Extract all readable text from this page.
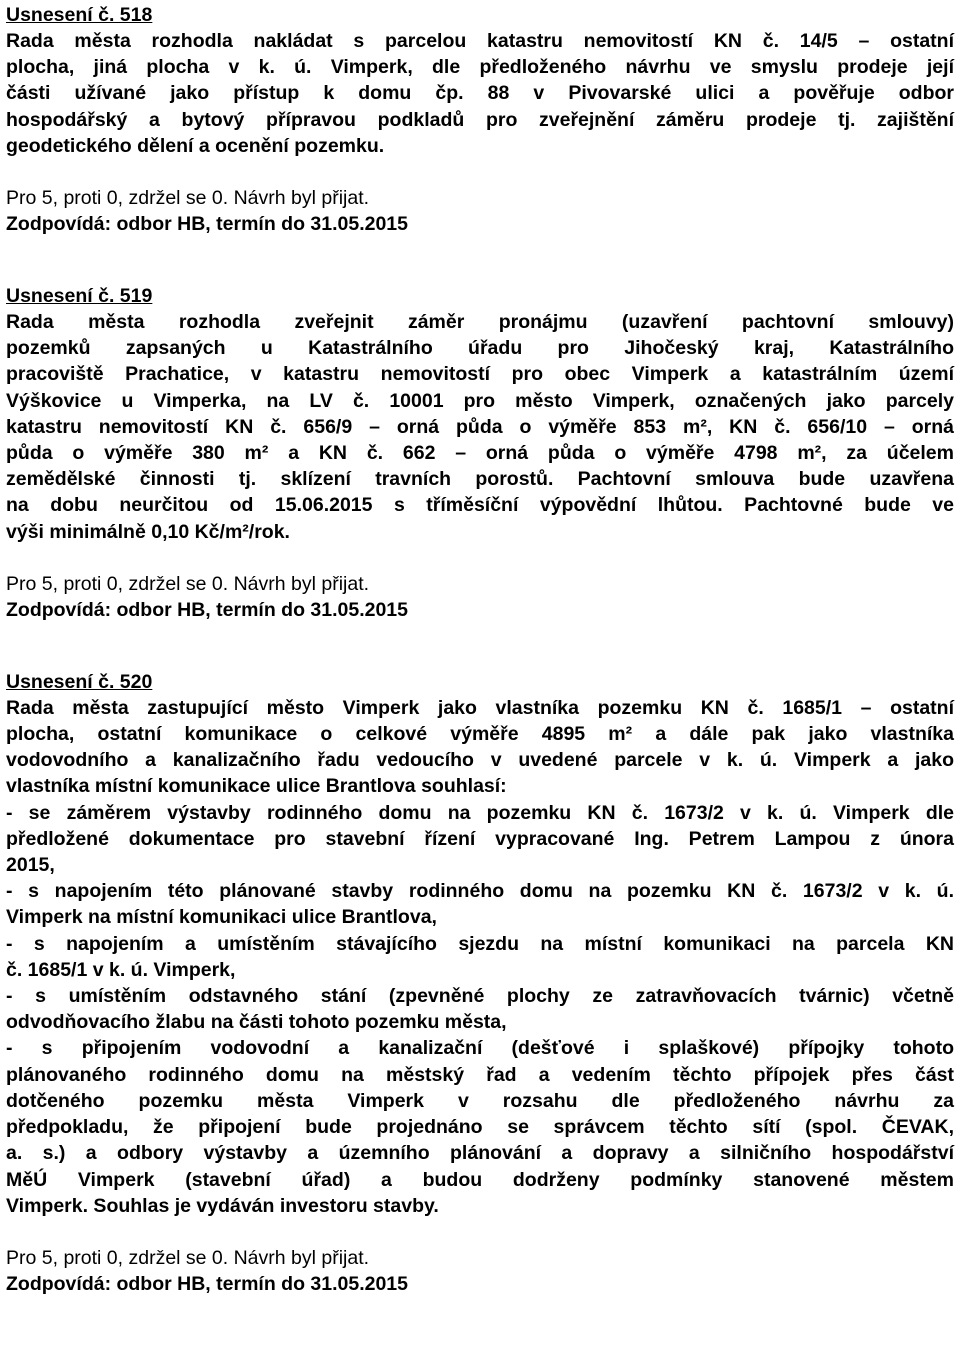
Usnesení č. 518

Rada města rozhodla nakládat s parcelou katastru nemovitostí KN č. 14/5 – ostatní
plocha, jiná plocha v k. ú. Vimperk, dle předloženého návrhu ve smyslu prodeje její
části užívané jako přístup k domu čp. 88 v Pivovarské ulici a pověřuje odbor
hospodářský a bytový přípravou podkladů pro zveřejnění záměru prodeje tj. zajištění
geodetického dělení a ocenění pozemku.

Pro 5, proti 0, zdržel se 0. Návrh byl přijat.

Zodpovídá: odbor HB, termín do 31.05.2015

Usnesení č. 519

Rada města rozhodla zveřejnit záměr pronájmu (uzavření pachtovní smlouvy)
pozemků zapsaných u Katastrálního úřadu pro Jihočeský kraj, Katastrálního
pracoviště Prachatice, v katastru nemovitostí pro obec Vimperk a katastrálním území
Výškovice u Vimperka, na LV č. 10001 pro město Vimperk, označených jako parcely
katastru nemovitostí KN č. 656/9 – orná půda o výměře 853 m², KN č. 656/10 – orná
půda o výměře 380 m² a KN č. 662 – orná půda o výměře 4798 m², za účelem
zemědělské činnosti tj. sklízení travních porostů. Pachtovní smlouva bude uzavřena
na dobu neurčitou od 15.06.2015 s tříměsíční výpovědní lhůtou. Pachtovné bude ve
výši minimálně 0,10 Kč/m²/rok.

Pro 5, proti 0, zdržel se 0. Návrh byl přijat.

Zodpovídá: odbor HB, termín do 31.05.2015

Usnesení č. 520

Rada města zastupující město Vimperk jako vlastníka pozemku KN č. 1685/1 – ostatní
plocha, ostatní komunikace o celkové výměře 4895 m² a dále pak jako vlastníka
vodovodního a kanalizačního řadu vedoucího v uvedené parcele v k. ú. Vimperk a jako
vlastníka místní komunikace ulice Brantlova souhlasí:
- se záměrem výstavby rodinného domu na pozemku KN č. 1673/2 v k. ú. Vimperk dle
předložené dokumentace pro stavební řízení vypracované Ing. Petrem Lampou z února
2015,
- s napojením této plánované stavby rodinného domu na pozemku KN č. 1673/2 v k. ú.
Vimperk na místní komunikaci ulice Brantlova,
- s napojením a umístěním stávajícího sjezdu na místní komunikaci na parcela KN
č. 1685/1 v k. ú. Vimperk,
- s umístěním odstavného stání (zpevněné plochy ze zatravňovacích tvárnic) včetně
odvodňovacího žlabu na části tohoto pozemku města,
- s připojením vodovodní a kanalizační (dešťové i splaškové) přípojky tohoto
plánovaného rodinného domu na městský řad a vedením těchto přípojek přes část
dotčeného pozemku města Vimperk v rozsahu dle předloženého návrhu za
předpokladu, že připojení bude projednáno se správcem těchto sítí (spol. ČEVAK,
a. s.) a odbory výstavby a územního plánování a dopravy a silničního hospodářství
MěÚ Vimperk (stavební úřad) a budou dodrženy podmínky stanovené městem
Vimperk. Souhlas je vydáván investoru stavby.

Pro 5, proti 0, zdržel se 0. Návrh byl přijat.

Zodpovídá: odbor HB, termín do 31.05.2015
